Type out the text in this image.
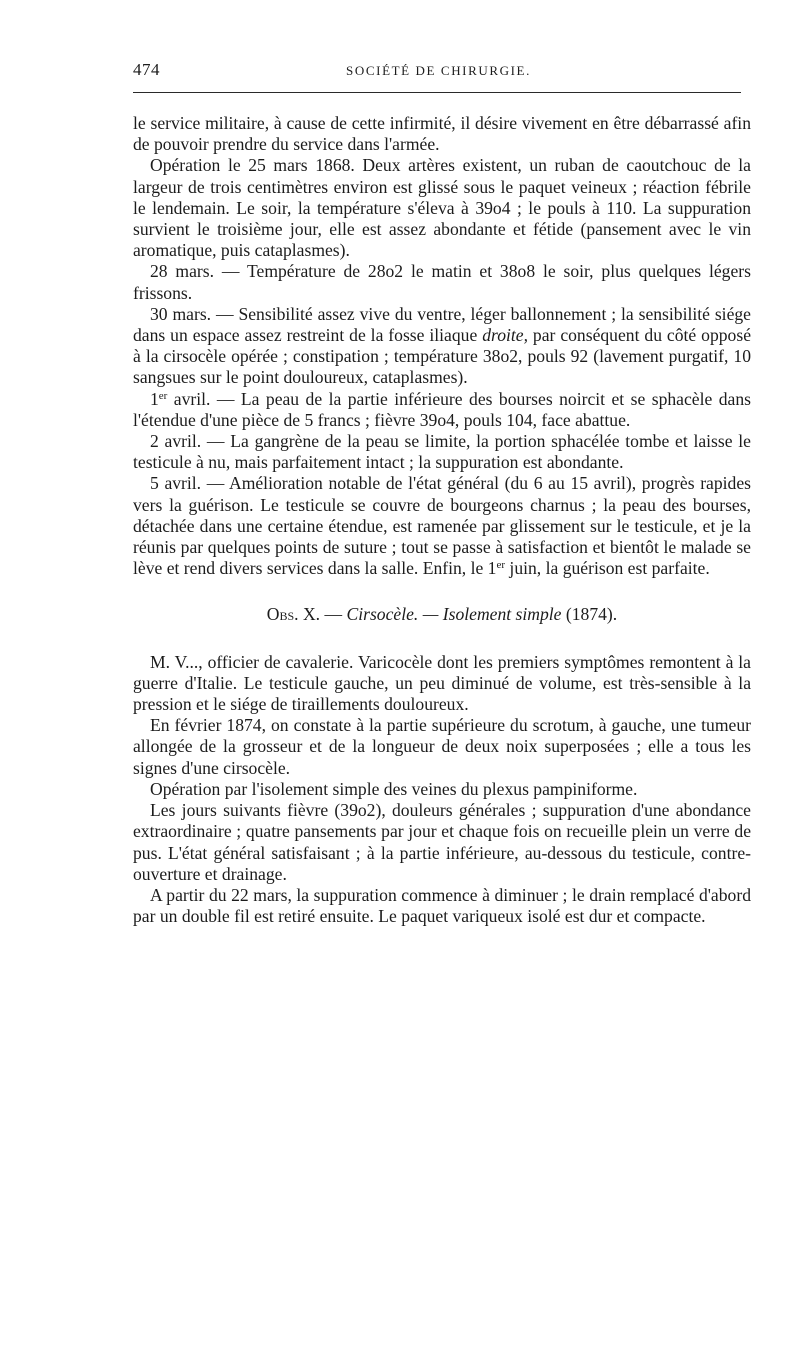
474	SOCIÉTÉ DE CHIRURGIE.

le service militaire, à cause de cette infirmité, il désire vivement en être débarrassé afin de pouvoir prendre du service dans l'armée.

Opération le 25 mars 1868. Deux artères existent, un ruban de caoutchouc de la largeur de trois centimètres environ est glissé sous le paquet veineux ; réaction fébrile le lendemain. Le soir, la température s'éleva à 39o4 ; le pouls à 110. La suppuration survient le troisième jour, elle est assez abondante et fétide (pansement avec le vin aromatique, puis cataplasmes).

28 mars. — Température de 28o2 le matin et 38o8 le soir, plus quelques légers frissons.

30 mars. — Sensibilité assez vive du ventre, léger ballonnement ; la sensibilité siége dans un espace assez restreint de la fosse iliaque droite, par conséquent du côté opposé à la cirsocèle opérée ; constipation ; température 38o2, pouls 92 (lavement purgatif, 10 sangsues sur le point douloureux, cataplasmes).

1er avril. — La peau de la partie inférieure des bourses noircit et se sphacèle dans l'étendue d'une pièce de 5 francs ; fièvre 39o4, pouls 104, face abattue.

2 avril. — La gangrène de la peau se limite, la portion sphacélée tombe et laisse le testicule à nu, mais parfaitement intact ; la suppuration est abondante.

5 avril. — Amélioration notable de l'état général (du 6 au 15 avril), progrès rapides vers la guérison. Le testicule se couvre de bourgeons charnus ; la peau des bourses, détachée dans une certaine étendue, est ramenée par glissement sur le testicule, et je la réunis par quelques points de suture ; tout se passe à satisfaction et bientôt le malade se lève et rend divers services dans la salle. Enfin, le 1er juin, la guérison est parfaite.

Obs. X. — Cirsocèle. — Isolement simple (1874).

M. V..., officier de cavalerie. Varicocèle dont les premiers symptômes remontent à la guerre d'Italie. Le testicule gauche, un peu diminué de volume, est très-sensible à la pression et le siége de tiraillements douloureux.

En février 1874, on constate à la partie supérieure du scrotum, à gauche, une tumeur allongée de la grosseur et de la longueur de deux noix superposées ; elle a tous les signes d'une cirsocèle.

Opération par l'isolement simple des veines du plexus pampiniforme.

Les jours suivants fièvre (39o2), douleurs générales ; suppuration d'une abondance extraordinaire ; quatre pansements par jour et chaque fois on recueille plein un verre de pus. L'état général satisfaisant ; à la partie inférieure, au-dessous du testicule, contre-ouverture et drainage.

A partir du 22 mars, la suppuration commence à diminuer ; le drain remplacé d'abord par un double fil est retiré ensuite. Le paquet variqueux isolé est dur et compacte.
